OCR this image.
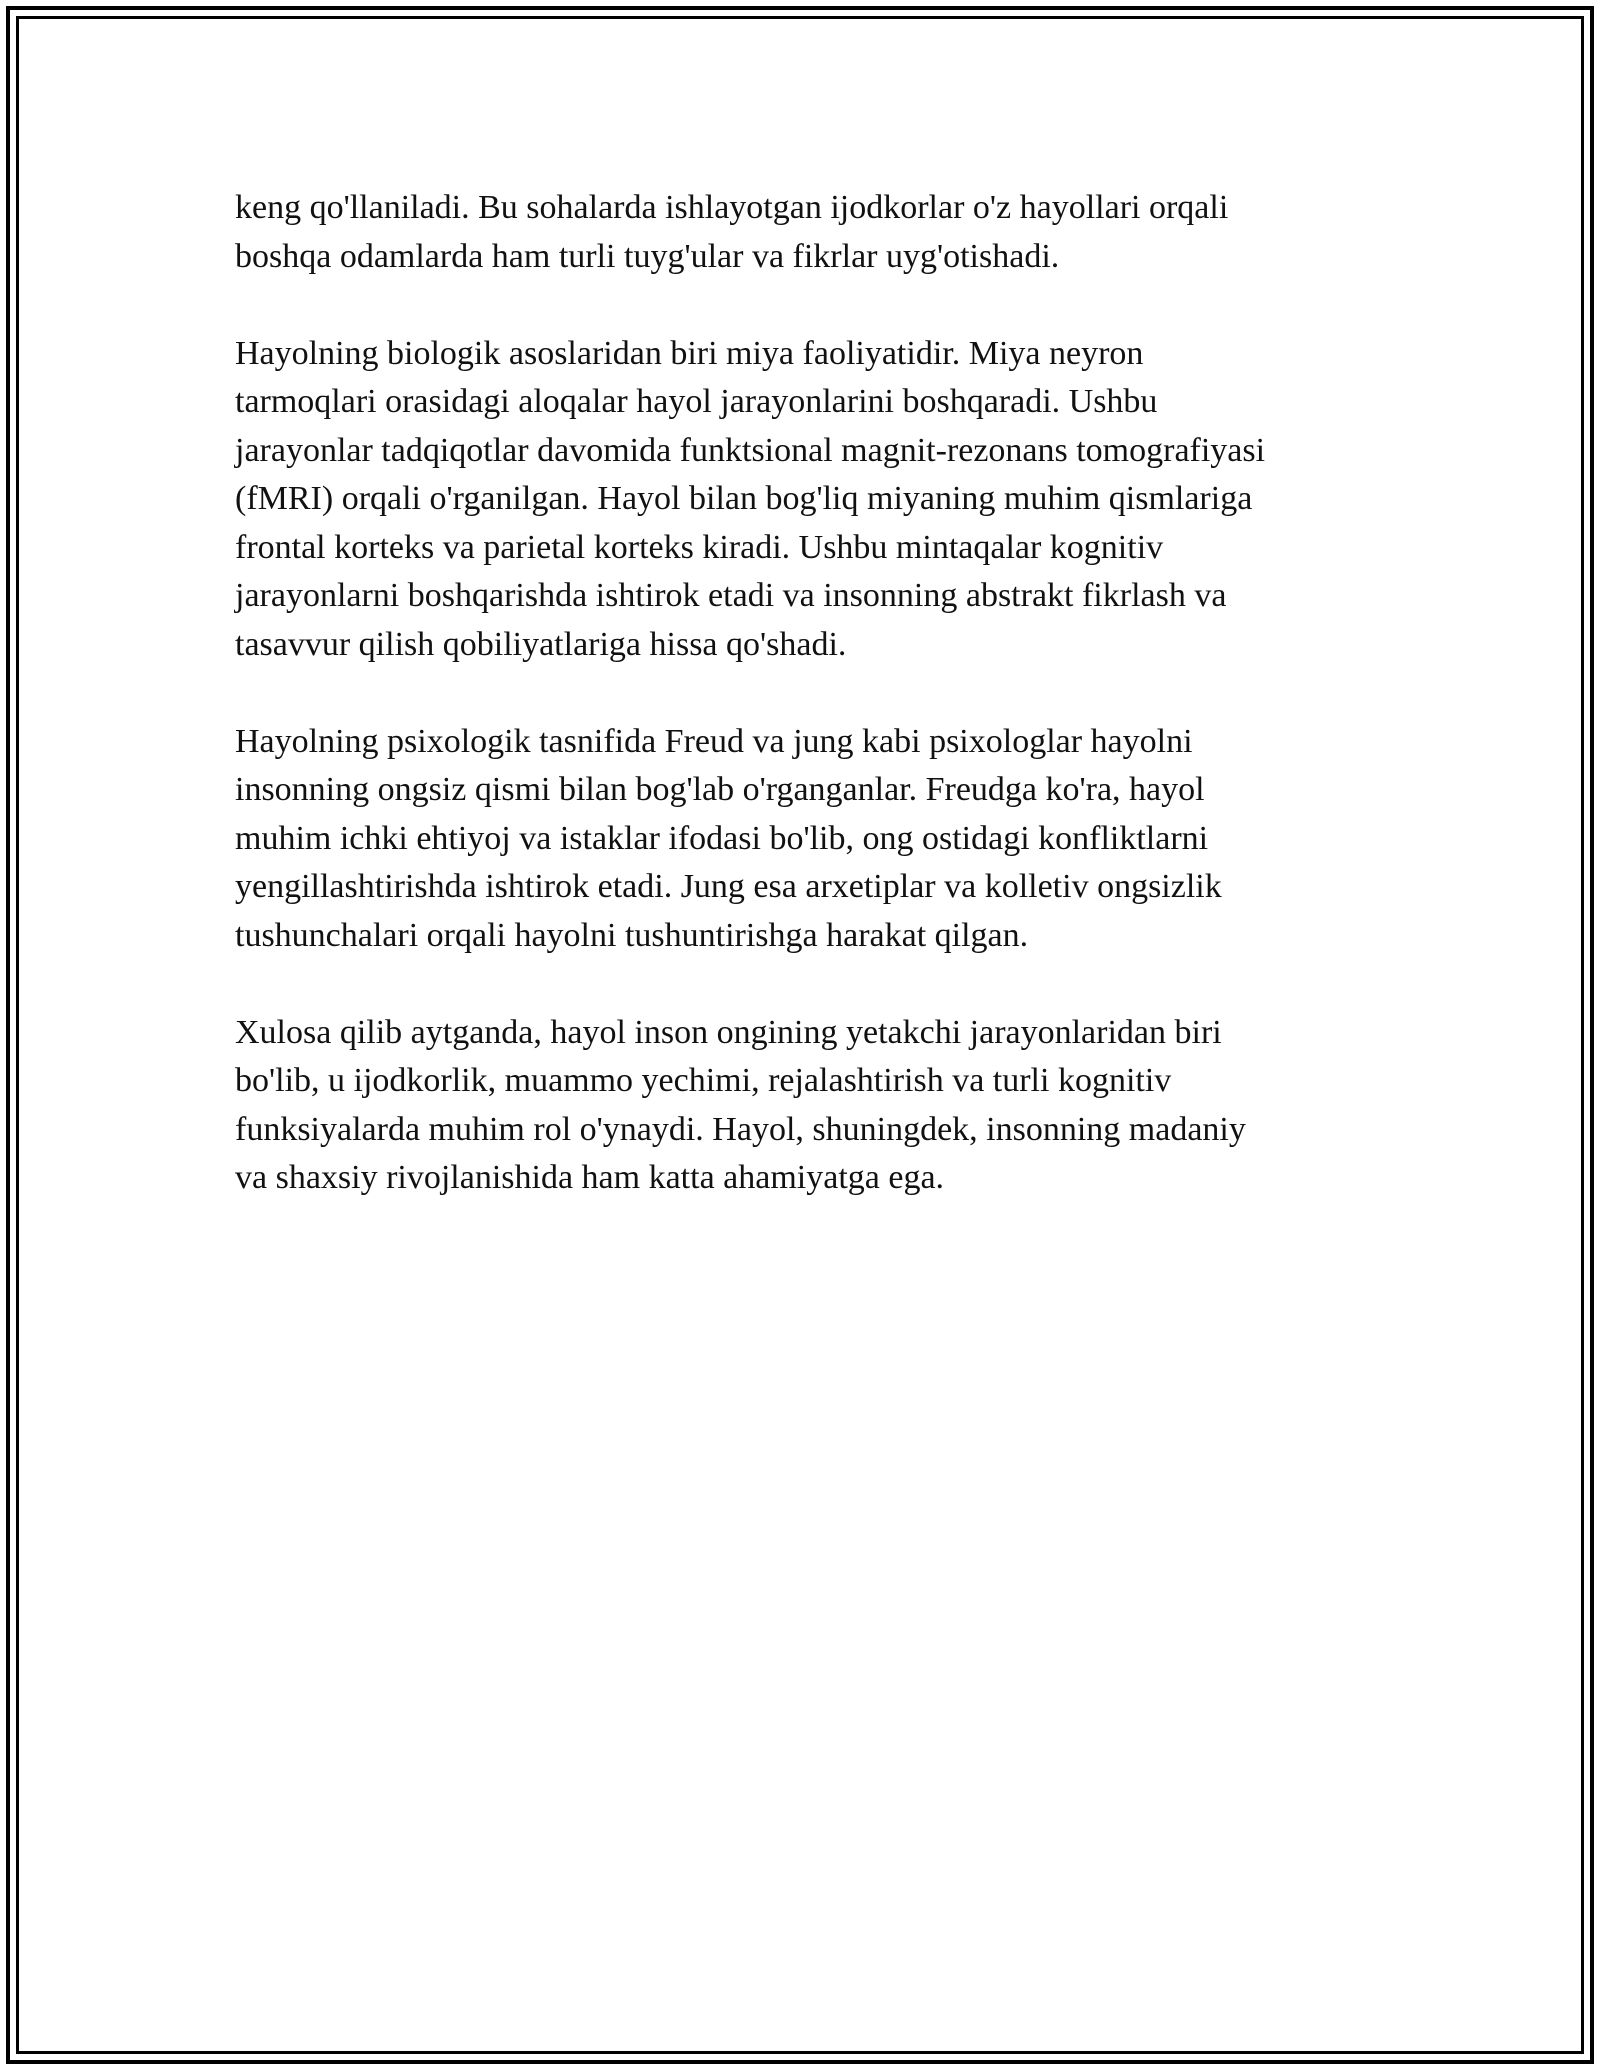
keng qo'llaniladi. Bu sohalarda ishlayotgan ijodkorlar o'z hayollari orqali
boshqa odamlarda ham turli tuyg'ular va fikrlar uyg'otishadi.

Hayolning biologik asoslaridan biri miya faoliyatidir. Miya neyron
tarmoqlari orasidagi aloqalar hayol jarayonlarini boshqaradi. Ushbu
jarayonlar tadqiqotlar davomida funktsional magnit-rezonans tomografiyasi
(fMRI) orqali o'rganilgan. Hayol bilan bog'liq miyaning muhim qismlariga
frontal korteks va parietal korteks kiradi. Ushbu mintaqalar kognitiv
jarayonlarni boshqarishda ishtirok etadi va insonning abstrakt fikrlash va
tasavvur qilish qobiliyatlariga hissa qo'shadi.

Hayolning psixologik tasnifida Freud va jung kabi psixologlar hayolni
insonning ongsiz qismi bilan bog'lab o'rganganlar. Freudga ko'ra, hayol
muhim ichki ehtiyoj va istaklar ifodasi bo'lib, ong ostidagi konfliktlarni
yengillashtirishda ishtirok etadi. Jung esa arxetiplar va kolletiv ongsizlik
tushunchalari orqali hayolni tushuntirishga harakat qilgan.

Xulosa qilib aytganda, hayol inson ongining yetakchi jarayonlaridan biri
bo'lib, u ijodkorlik, muammo yechimi, rejalashtirish va turli kognitiv
funksiyalarda muhim rol o'ynaydi. Hayol, shuningdek, insonning madaniy
va shaxsiy rivojlanishida ham katta ahamiyatga ega.
